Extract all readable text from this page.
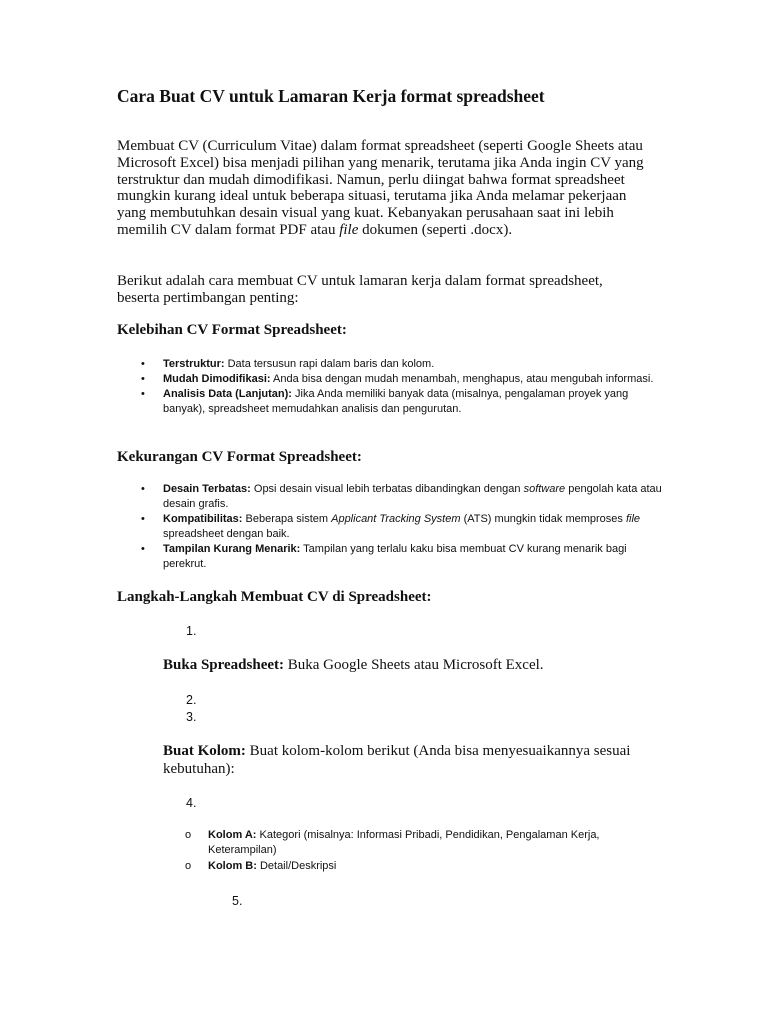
Cara Buat CV untuk Lamaran Kerja format spreadsheet
Membuat CV (Curriculum Vitae) dalam format spreadsheet (seperti Google Sheets atau Microsoft Excel) bisa menjadi pilihan yang menarik, terutama jika Anda ingin CV yang terstruktur dan mudah dimodifikasi. Namun, perlu diingat bahwa format spreadsheet mungkin kurang ideal untuk beberapa situasi, terutama jika Anda melamar pekerjaan yang membutuhkan desain visual yang kuat. Kebanyakan perusahaan saat ini lebih memilih CV dalam format PDF atau file dokumen (seperti .docx).
Berikut adalah cara membuat CV untuk lamaran kerja dalam format spreadsheet, beserta pertimbangan penting:
Kelebihan CV Format Spreadsheet:
• Terstruktur: Data tersusun rapi dalam baris dan kolom.
• Mudah Dimodifikasi: Anda bisa dengan mudah menambah, menghapus, atau mengubah informasi.
• Analisis Data (Lanjutan): Jika Anda memiliki banyak data (misalnya, pengalaman proyek yang banyak), spreadsheet memudahkan analisis dan pengurutan.
Kekurangan CV Format Spreadsheet:
• Desain Terbatas: Opsi desain visual lebih terbatas dibandingkan dengan software pengolah kata atau desain grafis.
• Kompatibilitas: Beberapa sistem Applicant Tracking System (ATS) mungkin tidak memproses file spreadsheet dengan baik.
• Tampilan Kurang Menarik: Tampilan yang terlalu kaku bisa membuat CV kurang menarik bagi perekrut.
Langkah-Langkah Membuat CV di Spreadsheet:
1.
Buka Spreadsheet: Buka Google Sheets atau Microsoft Excel.
2.
3.
Buat Kolom: Buat kolom-kolom berikut (Anda bisa menyesuaikannya sesuai kebutuhan):
4.
o Kolom A: Kategori (misalnya: Informasi Pribadi, Pendidikan, Pengalaman Kerja, Keterampilan)
o Kolom B: Detail/Deskripsi
5.
